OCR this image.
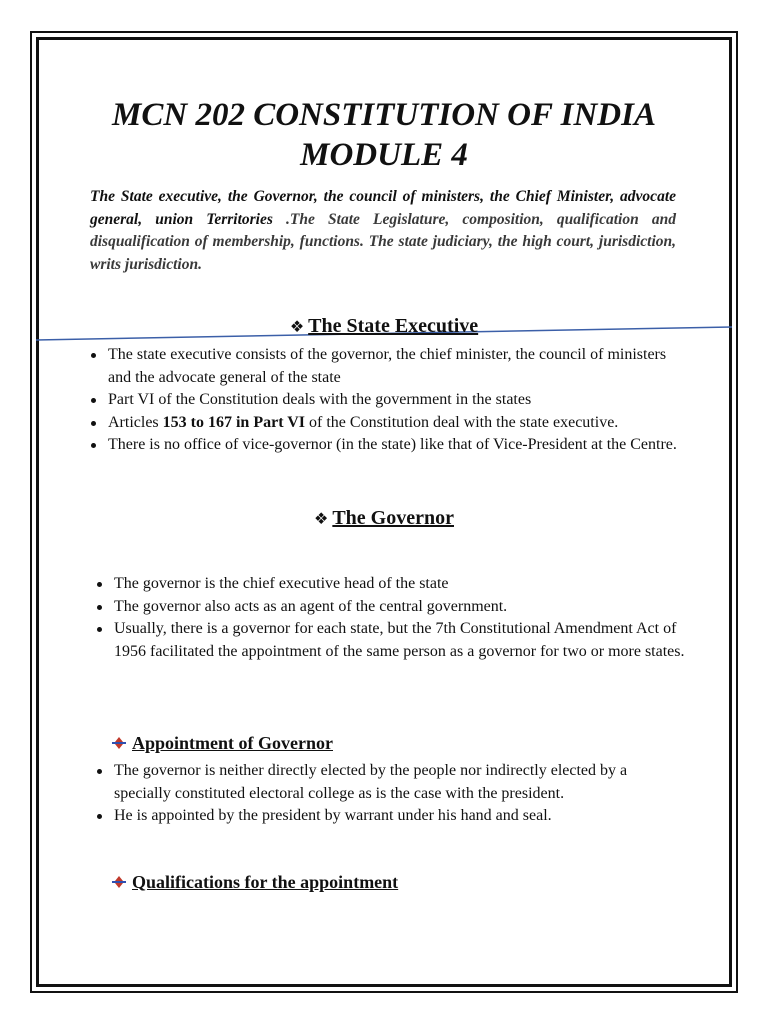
MCN 202 CONSTITUTION OF INDIA
MODULE 4
The State executive, the Governor, the council of ministers, the Chief Minister, advocate general, union Territories .The State Legislature, composition, qualification and disqualification of membership, functions. The state judiciary, the high court, jurisdiction, writs jurisdiction.
❖ The State Executive
The state executive consists of the governor, the chief minister, the council of ministers and the advocate general of the state
Part VI of the Constitution deals with the government in the states
Articles 153 to 167 in Part VI of the Constitution deal with the state executive.
There is no office of vice-governor (in the state) like that of Vice-President at the Centre.
❖ The Governor
The governor is the chief executive head of the state
The governor also acts as an agent of the central government.
Usually, there is a governor for each state, but the 7th Constitutional Amendment Act of 1956 facilitated the appointment of the same person as a governor for two or more states.
Appointment of Governor
The governor is neither directly elected by the people nor indirectly elected by a specially constituted electoral college as is the case with the president.
He is appointed by the president by warrant under his hand and seal.
Qualifications for the appointment
